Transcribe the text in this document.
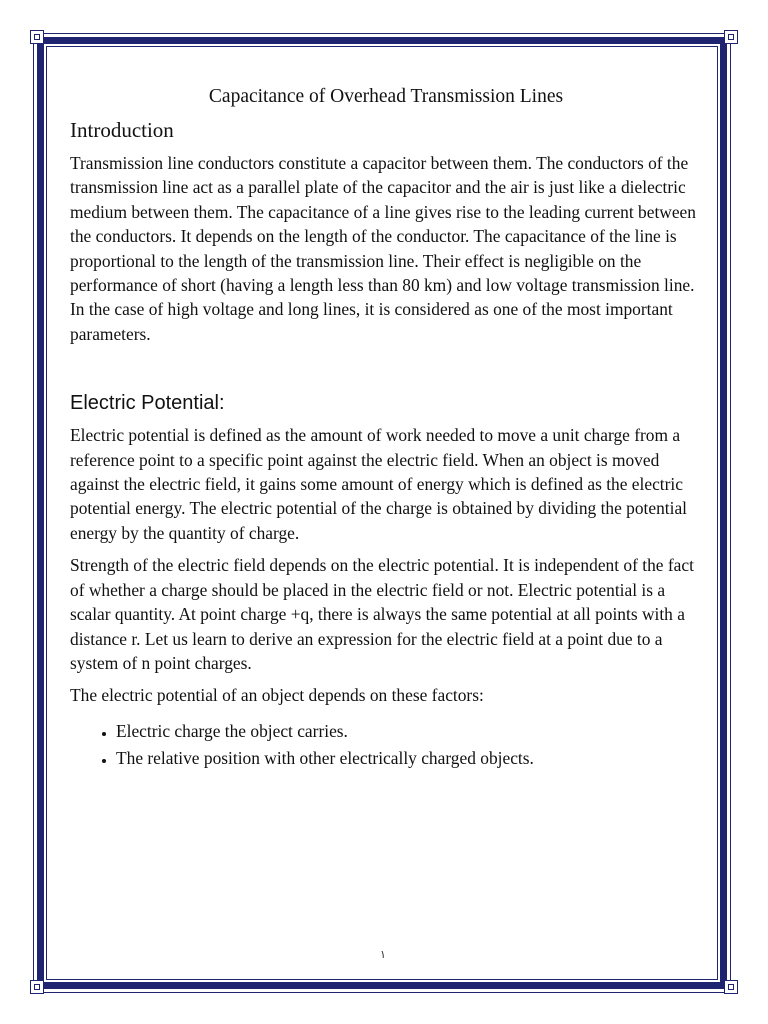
Capacitance of Overhead Transmission Lines
Introduction

Transmission line conductors constitute a capacitor between them. The conductors of the transmission line act as a parallel plate of the capacitor and the air is just like a dielectric medium between them. The capacitance of a line gives rise to the leading current between the conductors. It depends on the length of the conductor. The capacitance of the line is proportional to the length of the transmission line. Their effect is negligible on the performance of short (having a length less than 80 km) and low voltage transmission line. In the case of high voltage and long lines, it is considered as one of the most important parameters.

Electric Potential:

Electric potential is defined as the amount of work needed to move a unit charge from a reference point to a specific point against the electric field. When an object is moved against the electric field, it gains some amount of energy which is defined as the electric potential energy. The electric potential of the charge is obtained by dividing the potential energy by the quantity of charge.

Strength of the electric field depends on the electric potential. It is independent of the fact of whether a charge should be placed in the electric field or not. Electric potential is a scalar quantity. At point charge +q, there is always the same potential at all points with a distance r. Let us learn to derive an expression for the electric field at a point due to a system of n point charges.

The electric potential of an object depends on these factors:

• Electric charge the object carries.
• The relative position with other electrically charged objects.
١
